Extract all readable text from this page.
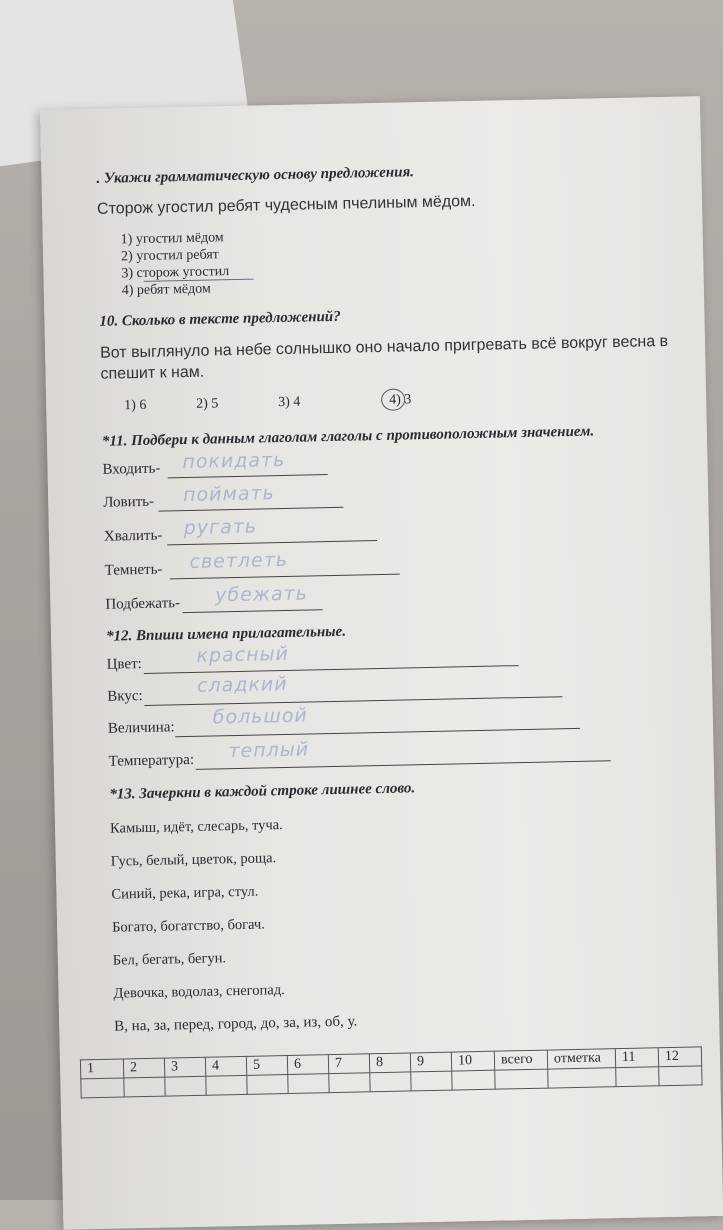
. Укажи грамматическую основу предложения.
Сторож угостил ребят чудесным пчелиным мёдом.
1) угостил мёдом
2) угостил ребят
3) сторож угостил
4) ребят мёдом
10. Сколько в тексте предложений?
Вот выглянуло на небе солнышко оно начало пригревать всё вокруг весна в
спешит к нам.
1) 6	2) 5	3) 4	4) 3
*11. Подбери к данным глаголам глаголы с противоположным значением.
Входить- покидать
Ловить- поймать
Хвалить- ругать
Темнеть- светлеть
Подбежать- убежать
*12. Впиши имена прилагательные.
Цвет:	красный
Вкус:	сладкий
Величина: большой
Температура: теплый
*13. Зачеркни в каждой строке лишнее слово.
Камыш, идёт, слесарь, туча.
Гусь, белый, цветок, роща.
Синий, река, игра, стул.
Богато, богатство, богач.
Бел, бегать, бегун.
Девочка, водолаз, снегопад.
В, на, за, перед, город, до, за, из, об, у.
1	2	3	4	5	6	7	8	9	10	всего	отметка	11	12
